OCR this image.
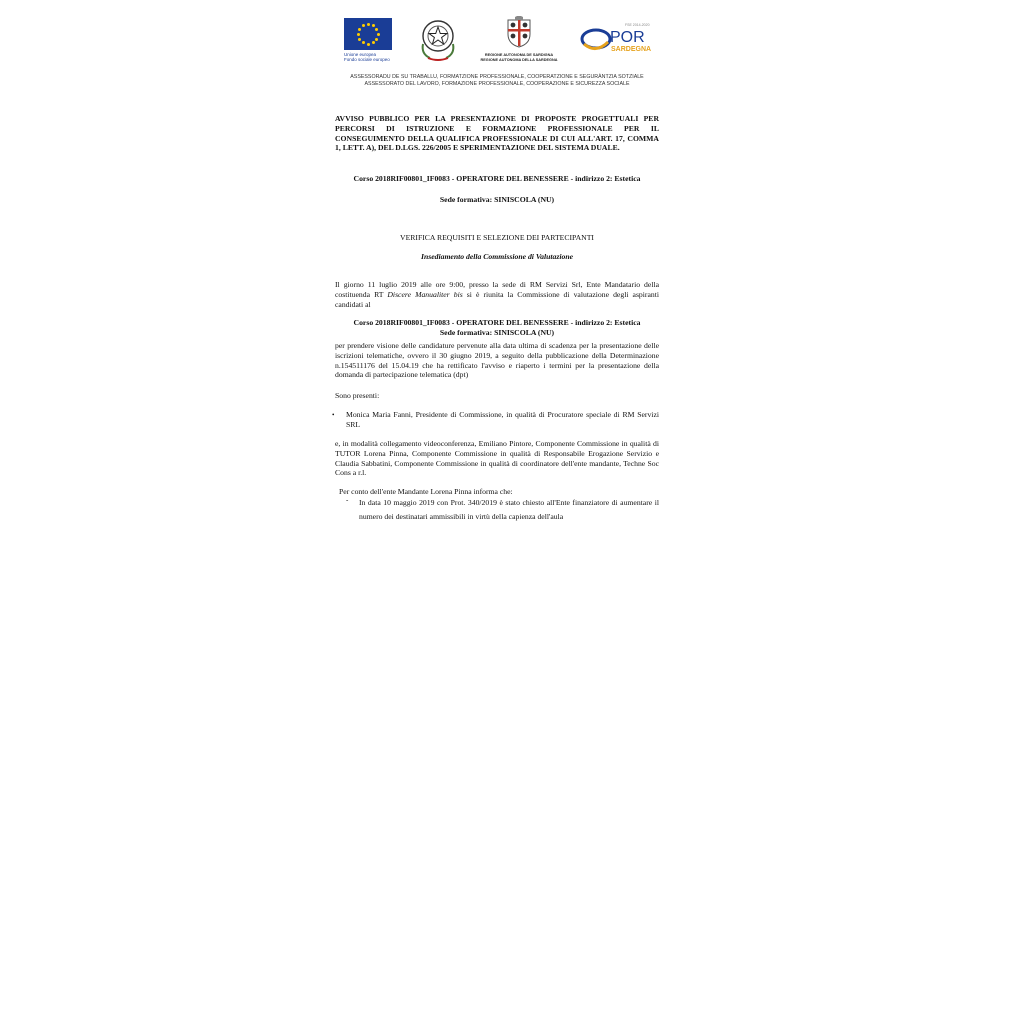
Unione europea
Fondo sociale europeo
REGIONE AUTONOMA DE SARDIGNA
REGIONE AUTONOMA DELLA SARDEGNA
FSE 2014-2020
POR
SARDEGNA
ASSESSORADU DE SU TRABALLU, FORMATZIONE PROFESSIONALE, COOPERATZIONE E SEGURÀNTZIA SOTZIALE
ASSESSORATO DEL LAVORO, FORMAZIONE PROFESSIONALE, COOPERAZIONE E SICUREZZA SOCIALE
AVVISO PUBBLICO PER LA PRESENTAZIONE DI PROPOSTE PROGETTUALI PER PERCORSI DI ISTRUZIONE E FORMAZIONE PROFESSIONALE PER IL CONSEGUIMENTO DELLA QUALIFICA PROFESSIONALE DI CUI ALL'ART. 17, COMMA 1, LETT. A), DEL D.LGS. 226/2005 E SPERIMENTAZIONE DEL SISTEMA DUALE.
Corso 2018RIF00801_IF0083 - OPERATORE DEL BENESSERE - indirizzo 2: Estetica
Sede formativa: SINISCOLA (NU)
VERIFICA REQUISITI E SELEZIONE DEI PARTECIPANTI
Insediamento della Commissione di Valutazione
Il giorno 11 luglio 2019 alle ore 9:00, presso la sede di RM Servizi Srl, Ente Mandatario della costituenda RT Discere Manualiter bis si è riunita la Commissione di valutazione degli aspiranti candidati al
Corso 2018RIF00801_IF0083 - OPERATORE DEL BENESSERE - indirizzo 2: Estetica
Sede formativa: SINISCOLA (NU)
per prendere visione delle candidature pervenute alla data ultima di scadenza per la presentazione delle iscrizioni telematiche, ovvero il 30 giugno 2019, a seguito della pubblicazione della Determinazione n.154511176 del 15.04.19 che ha rettificato l'avviso e riaperto i termini per la presentazione della domanda di partecipazione telematica (dpt)
Sono presenti:
• Monica Maria Fanni, Presidente di Commissione, in qualità di Procuratore speciale di RM Servizi SRL
e, in modalità collegamento videoconferenza, Emiliano Pintore, Componente Commissione in qualità di TUTOR Lorena Pinna, Componente Commissione in qualità di Responsabile Erogazione Servizio e Claudia Sabbatini, Componente Commissione in qualità di coordinatore dell'ente mandante, Techne Soc Cons a r.l.
Per conto dell'ente Mandante Lorena Pinna informa che:
- In data 10 maggio 2019 con Prot. 340/2019 è stato chiesto all'Ente finanziatore di aumentare il numero dei destinatari ammissibili in virtù della capienza dell'aula
